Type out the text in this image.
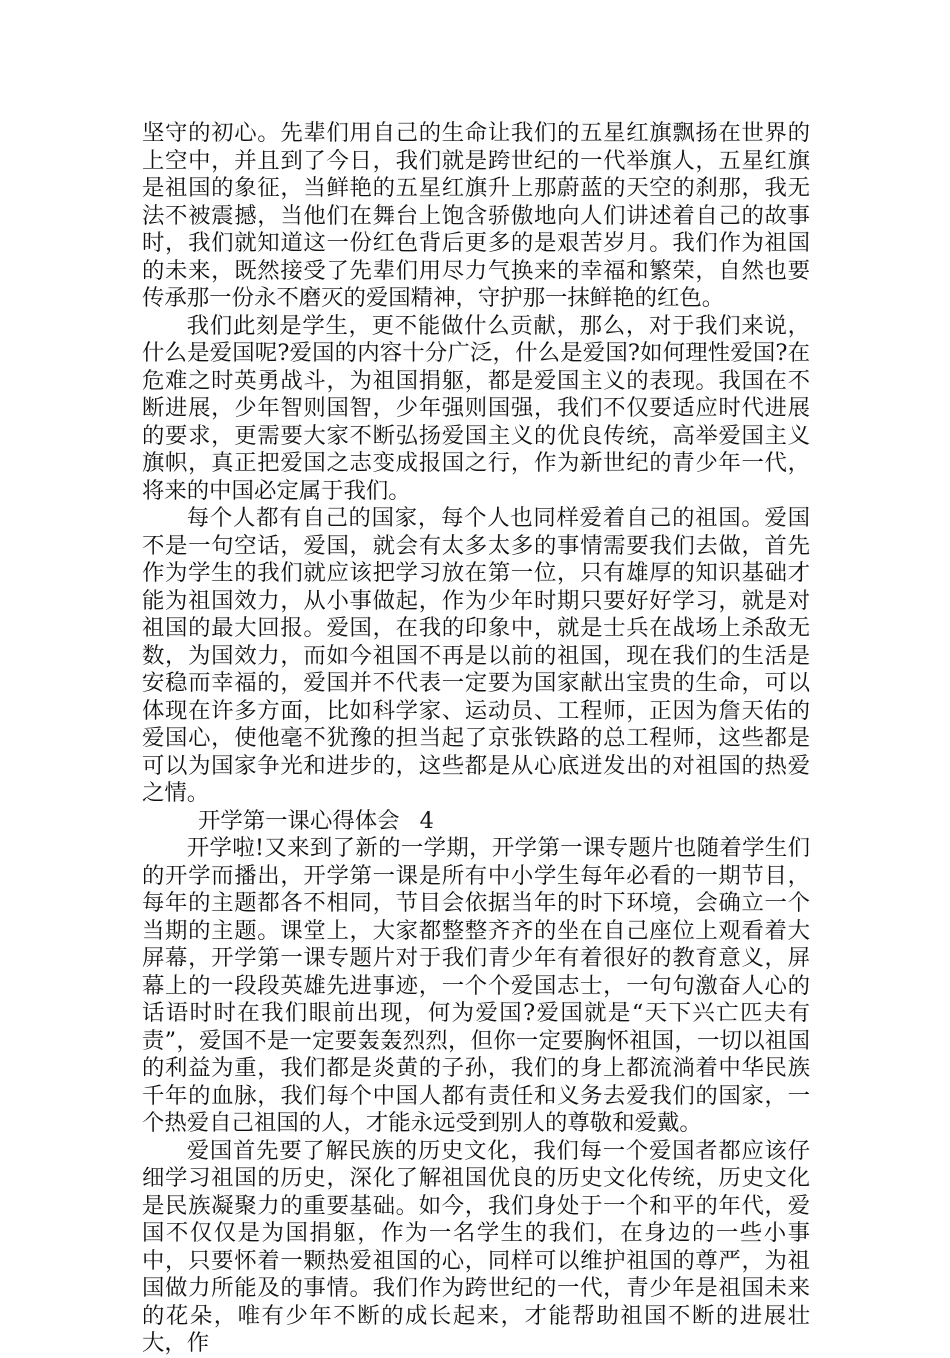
坚守的初心。先辈们用自己的生命让我们的五星红旗飘扬在世界的上空中，并且到了今日，我们就是跨世纪的一代举旗人，五星红旗是祖国的象征，当鲜艳的五星红旗升上那蔚蓝的天空的刹那，我无法不被震撼，当他们在舞台上饱含骄傲地向人们讲述着自己的故事时，我们就知道这一份红色背后更多的是艰苦岁月。我们作为祖国的未来，既然接受了先辈们用尽力气换来的幸福和繁荣，自然也要传承那一份永不磨灭的爱国精神，守护那一抹鲜艳的红色。

我们此刻是学生，更不能做什么贡献，那么，对于我们来说，什么是爱国呢?爱国的内容十分广泛，什么是爱国?如何理性爱国?在危难之时英勇战斗，为祖国捐躯，都是爱国主义的表现。我国在不断进展，少年智则国智，少年强则国强，我们不仅要适应时代进展的要求，更需要大家不断弘扬爱国主义的优良传统，高举爱国主义旗帜，真正把爱国之志变成报国之行，作为新世纪的青少年一代，将来的中国必定属于我们。

每个人都有自己的国家，每个人也同样爱着自己的祖国。爱国不是一句空话，爱国，就会有太多太多的事情需要我们去做，首先作为学生的我们就应该把学习放在第一位，只有雄厚的知识基础才能为祖国效力，从小事做起，作为少年时期只要好好学习，就是对祖国的最大回报。爱国，在我的印象中，就是士兵在战场上杀敌无数，为国效力，而如今祖国不再是以前的祖国，现在我们的生活是安稳而幸福的，爱国并不代表一定要为国家献出宝贵的生命，可以体现在许多方面，比如科学家、运动员、工程师，正因为詹天佑的爱国心，使他毫不犹豫的担当起了京张铁路的总工程师，这些都是可以为国家争光和进步的，这些都是从心底迸发出的对祖国的热爱之情。

开学第一课心得体会 4

开学啦!又来到了新的一学期，开学第一课专题片也随着学生们的开学而播出，开学第一课是所有中小学生每年必看的一期节目，每年的主题都各不相同，节目会依据当年的时下环境，会确立一个当期的主题。课堂上，大家都整整齐齐的坐在自己座位上观看着大屏幕，开学第一课专题片对于我们青少年有着很好的教育意义，屏幕上的一段段英雄先进事迹，一个个爱国志士，一句句激奋人心的话语时时在我们眼前出现，何为爱国?爱国就是“天下兴亡匹夫有责”，爱国不是一定要轰轰烈烈，但你一定要胸怀祖国，一切以祖国的利益为重，我们都是炎黄的子孙，我们的身上都流淌着中华民族千年的血脉，我们每个中国人都有责任和义务去爱我们的国家，一个热爱自己祖国的人，才能永远受到别人的尊敬和爱戴。

爱国首先要了解民族的历史文化，我们每一个爱国者都应该仔细学习祖国的历史，深化了解祖国优良的历史文化传统，历史文化是民族凝聚力的重要基础。如今，我们身处于一个和平的年代，爱国不仅仅是为国捐躯，作为一名学生的我们，在身边的一些小事中，只要怀着一颗热爱祖国的心，同样可以维护祖国的尊严，为祖国做力所能及的事情。我们作为跨世纪的一代，青少年是祖国未来的花朵，唯有少年不断的成长起来，才能帮助祖国不断的进展壮大，作
